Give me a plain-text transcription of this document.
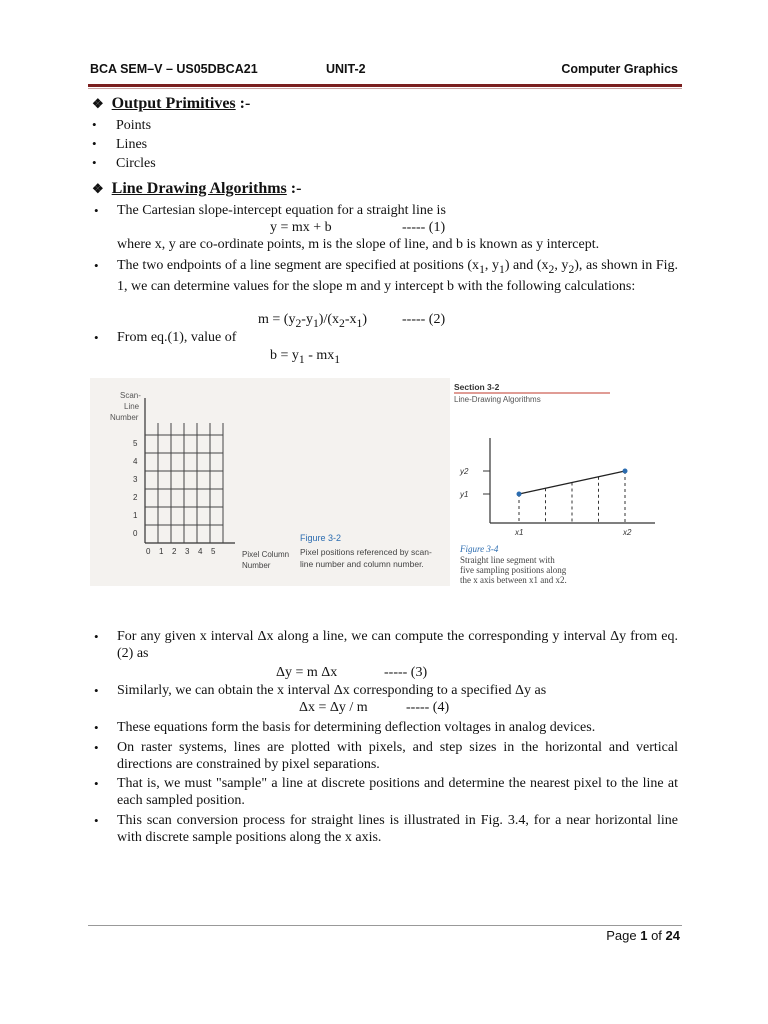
BCA SEM–V – US05DBCA21	UNIT-2	Computer Graphics
❖ Output Primitives :-
• Points
• Lines
• Circles
❖ Line Drawing Algorithms :-
• The Cartesian slope-intercept equation for a straight line is
y = mx + b	----- (1)
where x, y are co-ordinate points, m is the slope of line, and b is known as y intercept.
• The two endpoints of a line segment are specified at positions ($x_1$, $y_1$) and ($x_2$, $y_2$), as shown in Fig. 1, we can determine values for the slope m and y intercept b with the following calculations:
$m = (y_2-y_1)/(x_2-x_1)$	----- (2)
• From eq.(1), value of
$b = y_1 - mx_1$
Scan-
Line
Number
5
4
3
2
1
0
0 1 2 3 4 5	Pixel Column
Number
Figure 3-2
Pixel positions referenced by scan-
line number and column number.
Section 3-2
Line-Drawing Algorithms
y2
y1
x1	x2
Figure 3-4
Straight line segment with
five sampling positions along
the x axis between x1 and x2.
• For any given x interval Δx along a line, we can compute the corresponding y interval Δy from eq. (2) as
Δy = m Δx	----- (3)
• Similarly, we can obtain the x interval Δx corresponding to a specified Δy as
Δx = Δy / m	----- (4)
• These equations form the basis for determining deflection voltages in analog devices.
• On raster systems, lines are plotted with pixels, and step sizes in the horizontal and vertical directions are constrained by pixel separations.
• That is, we must "sample" a line at discrete positions and determine the nearest pixel to the line at each sampled position.
• This scan conversion process for straight lines is illustrated in Fig. 3.4, for a near horizontal line with discrete sample positions along the x axis.
Page 1 of 24
